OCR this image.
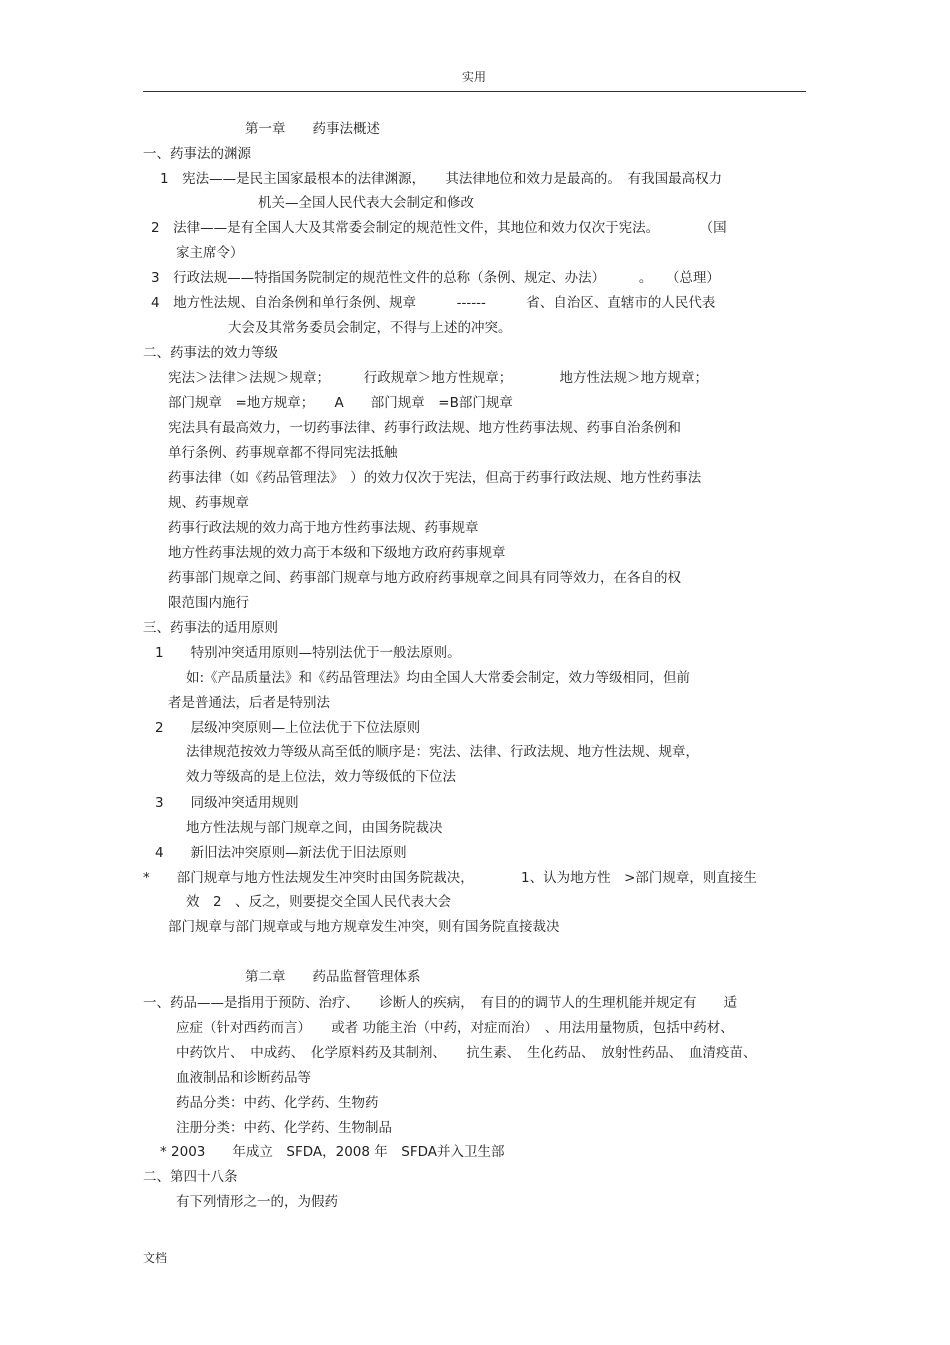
实用
第一章　　药事法概述
一、药事法的渊源
1　宪法——是民主国家最根本的法律渊源，　　其法律地位和效力是最高的。　有我国最高权力
机关—全国人民代表大会制定和修改
2　法律——是有全国人大及其常委会制定的规范性文件，其地位和效力仅次于宪法。　　　　（国
家主席令）
3　行政法规——特指国务院制定的规范性文件的总称（条例、规定、办法）　　　。　　（总理）
4　地方性法规、自治条例和单行条例、规章　　　------　　　省、自治区、直辖市的人民代表
大会及其常务委员会制定，不得与上述的冲突。
二、药事法的效力等级
宪法＞法律＞法规＞规章；　　　行政规章＞地方性规章；　　　　地方性法规＞地方规章；
部门规章　=地方规章；　　A　　部门规章　=B部门规章
宪法具有最高效力，一切药事法律、药事行政法规、地方性药事法规、药事自治条例和
单行条例、药事规章都不得同宪法抵触
药事法律（如《药品管理法》　）的效力仅次于宪法，但高于药事行政法规、地方性药事法
规、药事规章
药事行政法规的效力高于地方性药事法规、药事规章
地方性药事法规的效力高于本级和下级地方政府药事规章
药事部门规章之间、药事部门规章与地方政府药事规章之间具有同等效力，在各自的权
限范围内施行
三、药事法的适用原则
1　　特别冲突适用原则—特别法优于一般法原则。
如:《产品质量法》和《药品管理法》均由全国人大常委会制定，效力等级相同，但前
者是普通法，后者是特别法
2　　层级冲突原则—上位法优于下位法原则
法律规范按效力等级从高至低的顺序是：宪法、法律、行政法规、地方性法规、规章，
效力等级高的是上位法，效力等级低的下位法
3　　同级冲突适用规则
地方性法规与部门规章之间，由国务院裁决
4　　新旧法冲突原则—新法优于旧法原则
*　　部门规章与地方性法规发生冲突时由国务院裁决，　　　　1、认为地方性　>部门规章，则直接生
效　2　、反之，则要提交全国人民代表大会
部门规章与部门规章或与地方规章发生冲突，则有国务院直接裁决
第二章　　药品监督管理体系
一、药品——是指用于预防、治疗、　　诊断人的疾病，　有目的的调节人的生理机能并规定有　　适
应症（针对西药而言）　　或者 功能主治（中药，对症而治）　、用法用量物质，包括中药材、
中药饮片、　中成药、　化学原料药及其制剂、　　抗生素、　生化药品、　放射性药品、　血清疫苗、
血液制品和诊断药品等
药品分类：中药、化学药、生物药
注册分类：中药、化学药、生物制品
* 2003　　年成立　SFDA，2008 年　SFDA并入卫生部
二、第四十八条
有下列情形之一的，为假药
文档
